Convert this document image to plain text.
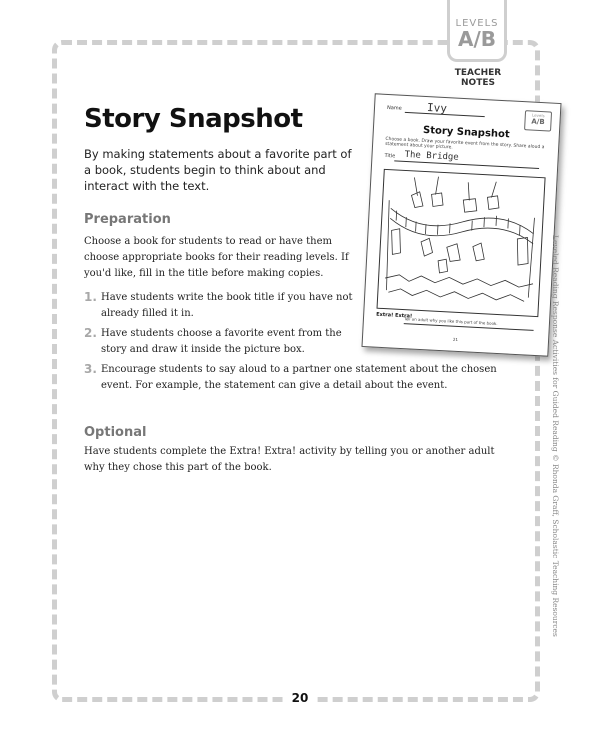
LEVELS
A/B
TEACHER NOTES
Story Snapshot

By making statements about a favorite part of a book, students begin to think about and interact with the text.

Preparation

Choose a book for students to read or have them choose appropriate books for their reading levels. If you'd like, fill in the title before making copies.

1. Have students write the book title if you have not already filled it in.
2. Have students choose a favorite event from the story and draw it inside the picture box.
3. Encourage students to say aloud to a partner one statement about the chosen event. For example, the statement can give a detail about the event.
Optional

Have students complete the Extra! Extra! activity by telling you or another adult why they chose this part of the book.

Name Ivy
Levels
A/B
Story Snapshot
Choose a book. Draw your favorite event from the story. Share aloud a statement about your picture.
Title The Bridge
Extra! Extra!
Tell an adult why you like this part of the book.
21	Leveled Reading Response Activities for Guided Reading © Rhonda Graff, Scholastic Teaching Resources
20
